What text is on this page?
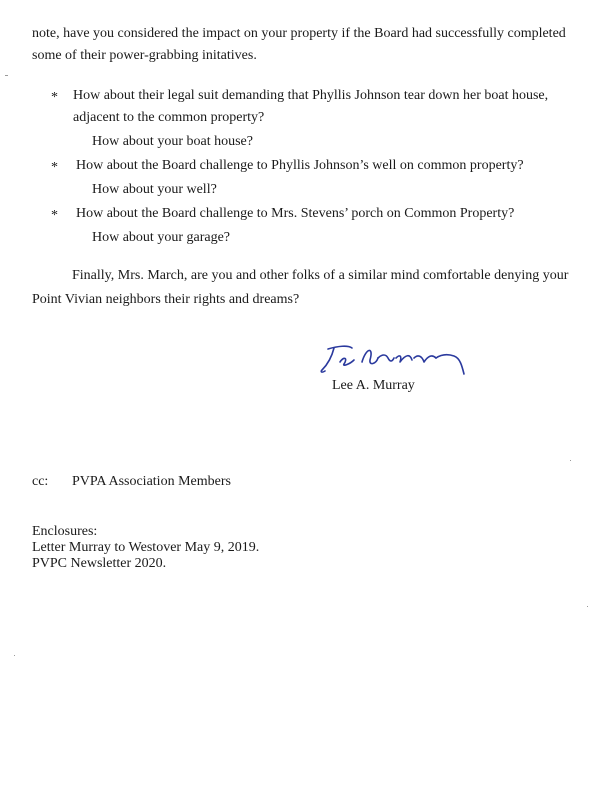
note, have you considered the impact on your property if the Board had successfully completed
some of their power-grabbing initatives.
* How about their legal suit demanding that Phyllis Johnson tear down her boat house,
adjacent to the common property?
How about your boat house?
* How about the Board challenge to Phyllis Johnson’s well on common property?
How about your well?
* How about the Board challenge to Mrs. Stevens’ porch on Common Property?
How about your garage?
Finally, Mrs. March, are you and other folks of a similar mind comfortable denying your
Point Vivian neighbors their rights and dreams?
Lee A. Murray
cc: PVPA Association Members
Enclosures:
Letter Murray to Westover May 9, 2019.
PVPC Newsletter 2020.
